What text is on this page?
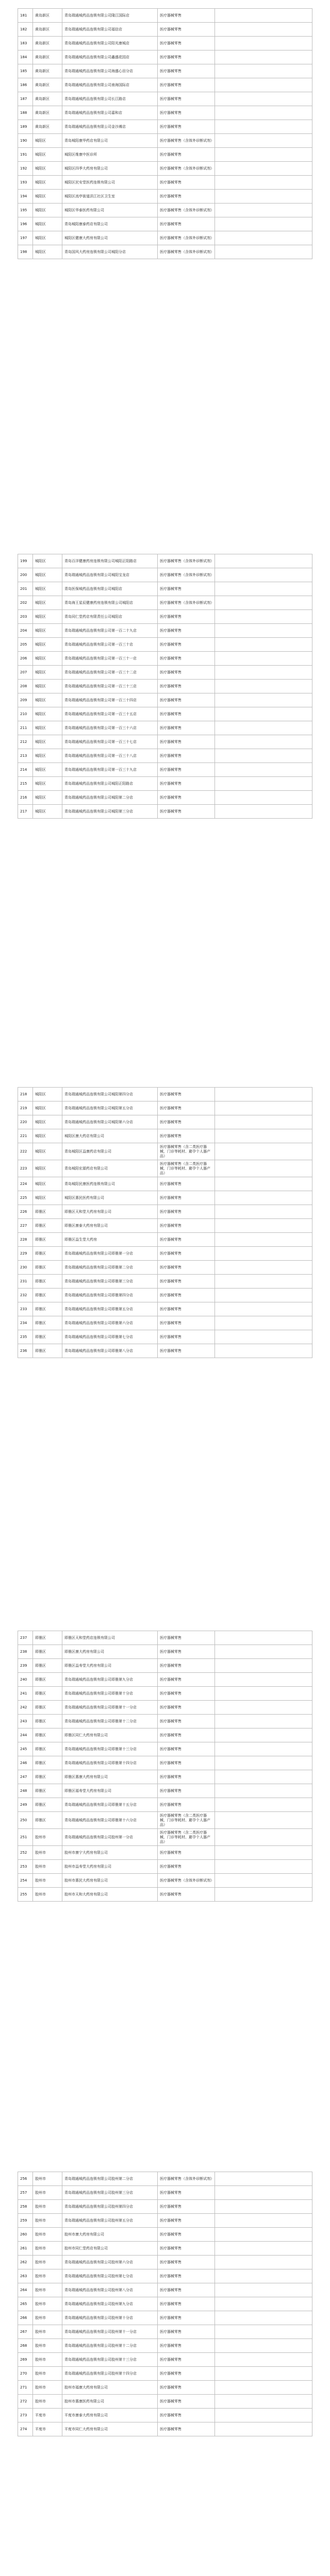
181	黄岛新区	青岛瑞通城药品连锁有限公司隆江国际店	医疗器械零售	
182	黄岛新区	青岛瑞通城药品连锁有限公司福信店	医疗器械零售	
183	黄岛新区	青岛瑞通城药品连锁有限公司阳光康城店	医疗器械零售	
184	黄岛新区	青岛瑞通城药品连锁有限公司鑫盛花园店	医疗器械零售	
185	黄岛新区	青岛瑞通城药品连锁有限公司海盛心田分店	医疗器械零售	
186	黄岛新区	青岛瑞通城药品连锁有限公司南海国际店	医疗器械零售	
187	黄岛新区	青岛瑞通城药品连锁有限公司长江路店	医疗器械零售	
188	黄岛新区	青岛瑞通城药品连锁有限公司嘉和店	医疗器械零售	
189	黄岛新区	青岛瑞通城药品连锁有限公司金沙滩店	医疗器械零售	
190	城阳区	青岛城阳康华药店有限公司	医疗器械零售（含体外诊断试剂）	
191	城阳区	城阳区维康中医诊所	医疗器械零售	
192	城阳区	城阳区四季大药房有限公司	医疗器械零售（含体外诊断试剂）	
193	城阳区	城阳区民安堂医药连锁有限公司	医疗器械零售	
194	城阳区	城阳区流亭街道洪江社区卫生室	医疗器械零售	
195	城阳区	城阳区华泰医药有限公司	医疗器械零售（含体外诊断试剂）	
196	城阳区	青岛城阳康泰药店有限公司	医疗器械零售	
197	城阳区	城阳区健康大药房有限公司	医疗器械零售（含体外诊断试剂）	
198	城阳区	青岛国风大药房连锁有限公司城阳分店	医疗器械零售（含体外诊断试剂）	
199	城阳区	青岛百洋健康药房连锁有限公司城阳正阳路店	医疗器械零售（含体外诊断试剂）	
200	城阳区	青岛瑞通城药品连锁有限公司城阳宝龙店	医疗器械零售（含体外诊断试剂）	
201	城阳区	青岛医保城药品连锁有限公司城阳店	医疗器械零售	
202	城阳区	青岛海王星辰健康药房连锁有限公司城阳店	医疗器械零售（含体外诊断试剂）	
203	城阳区	青岛同仁堂药店有限责任公司城阳店	医疗器械零售	
204	城阳区	青岛瑞通城药品连锁有限公司第一百二十九店	医疗器械零售	
205	城阳区	青岛瑞通城药品连锁有限公司第一百三十店	医疗器械零售	
206	城阳区	青岛瑞通城药品连锁有限公司第一百三十一店	医疗器械零售	
207	城阳区	青岛瑞通城药品连锁有限公司第一百三十二店	医疗器械零售	
208	城阳区	青岛瑞通城药品连锁有限公司第一百三十三店	医疗器械零售	
209	城阳区	青岛瑞通城药品连锁有限公司第一百三十四店	医疗器械零售	
210	城阳区	青岛瑞通城药品连锁有限公司第一百三十五店	医疗器械零售	
211	城阳区	青岛瑞通城药品连锁有限公司第一百三十六店	医疗器械零售	
212	城阳区	青岛瑞通城药品连锁有限公司第一百三十七店	医疗器械零售	
213	城阳区	青岛瑞通城药品连锁有限公司第一百三十八店	医疗器械零售	
214	城阳区	青岛瑞通城药品连锁有限公司第一百三十九店	医疗器械零售	
215	城阳区	青岛瑞通城药品连锁有限公司城阳正阳路店	医疗器械零售	
216	城阳区	青岛瑞通城药品连锁有限公司城阳第二分店	医疗器械零售	
217	城阳区	青岛瑞通城药品连锁有限公司城阳第三分店	医疗器械零售	
218	城阳区	青岛瑞通城药品连锁有限公司城阳第四分店	医疗器械零售	
219	城阳区	青岛瑞通城药品连锁有限公司城阳第五分店	医疗器械零售	
220	城阳区	青岛瑞通城药品连锁有限公司城阳第六分店	医疗器械零售	
221	城阳区	城阳区康大药店有限公司	医疗器械零售	
222	城阳区	青岛城阳区益康药店有限公司	医疗器械零售（含二类医疗器械，门诊等耗材、避孕个人器产品）	
223	城阳区	青岛城阳宏源药店有限公司	医疗器械零售（含二类医疗器械，门诊等耗材、避孕个人器产品）	
224	城阳区	青岛城阳民康医药连锁有限公司	医疗器械零售	
225	城阳区	城阳区惠民医药有限公司	医疗器械零售	
226	即墨区	即墨区天和堂大药房有限公司	医疗器械零售	
227	即墨区	即墨区康泰大药房有限公司	医疗器械零售	
228	即墨区	即墨区益生堂大药房	医疗器械零售	
229	即墨区	青岛瑞通城药品连锁有限公司即墨第一分店	医疗器械零售	
230	即墨区	青岛瑞通城药品连锁有限公司即墨第二分店	医疗器械零售	
231	即墨区	青岛瑞通城药品连锁有限公司即墨第三分店	医疗器械零售	
232	即墨区	青岛瑞通城药品连锁有限公司即墨第四分店	医疗器械零售	
233	即墨区	青岛瑞通城药品连锁有限公司即墨第五分店	医疗器械零售	
234	即墨区	青岛瑞通城药品连锁有限公司即墨第六分店	医疗器械零售	
235	即墨区	青岛瑞通城药品连锁有限公司即墨第七分店	医疗器械零售	
236	即墨区	青岛瑞通城药品连锁有限公司即墨第八分店	医疗器械零售	
237	即墨区	即墨区天和堂药店连锁有限公司	医疗器械零售	
238	即墨区	即墨区康大药房有限公司	医疗器械零售	
239	即墨区	即墨区益寿堂大药房有限公司	医疗器械零售	
240	即墨区	青岛瑞通城药品连锁有限公司即墨第九分店	医疗器械零售	
241	即墨区	青岛瑞通城药品连锁有限公司即墨第十分店	医疗器械零售	
242	即墨区	青岛瑞通城药品连锁有限公司即墨第十一分店	医疗器械零售	
243	即墨区	青岛瑞通城药品连锁有限公司即墨第十二分店	医疗器械零售	
244	即墨区	即墨区同仁大药房有限公司	医疗器械零售	
245	即墨区	青岛瑞通城药品连锁有限公司即墨第十三分店	医疗器械零售	
246	即墨区	青岛瑞通城药品连锁有限公司即墨第十四分店	医疗器械零售	
247	即墨区	即墨区惠康大药房有限公司	医疗器械零售	
248	即墨区	即墨区福寿堂大药房有限公司	医疗器械零售	
249	即墨区	青岛瑞通城药品连锁有限公司即墨第十五分店	医疗器械零售	
250	即墨区	青岛瑞通城药品连锁有限公司即墨第十六分店	医疗器械零售（含二类医疗器械，门诊等耗材、避孕个人器产品）	
251	胶州市	青岛瑞通城药品连锁有限公司胶州第一分店	医疗器械零售（含二类医疗器械，门诊等耗材、避孕个人器产品）	
252	胶州市	胶州市康宁大药房有限公司	医疗器械零售	
253	胶州市	胶州市益寿堂大药房有限公司	医疗器械零售	
254	胶州市	胶州市惠民大药房有限公司	医疗器械零售（含体外诊断试剂）	
255	胶州市	胶州市天和大药房有限公司	医疗器械零售	
256	胶州市	青岛瑞通城药品连锁有限公司胶州第二分店	医疗器械零售（含体外诊断试剂）	
257	胶州市	青岛瑞通城药品连锁有限公司胶州第三分店	医疗器械零售	
258	胶州市	青岛瑞通城药品连锁有限公司胶州第四分店	医疗器械零售	
259	胶州市	青岛瑞通城药品连锁有限公司胶州第五分店	医疗器械零售	
260	胶州市	胶州市康大药房有限公司	医疗器械零售	
261	胶州市	胶州市同仁堂药店有限公司	医疗器械零售	
262	胶州市	青岛瑞通城药品连锁有限公司胶州第六分店	医疗器械零售	
263	胶州市	青岛瑞通城药品连锁有限公司胶州第七分店	医疗器械零售	
264	胶州市	青岛瑞通城药品连锁有限公司胶州第八分店	医疗器械零售	
265	胶州市	青岛瑞通城药品连锁有限公司胶州第九分店	医疗器械零售	
266	胶州市	青岛瑞通城药品连锁有限公司胶州第十分店	医疗器械零售	
267	胶州市	青岛瑞通城药品连锁有限公司胶州第十一分店	医疗器械零售	
268	胶州市	青岛瑞通城药品连锁有限公司胶州第十二分店	医疗器械零售	
269	胶州市	青岛瑞通城药品连锁有限公司胶州第十三分店	医疗器械零售	
270	胶州市	青岛瑞通城药品连锁有限公司胶州第十四分店	医疗器械零售	
271	胶州市	胶州市福康大药房有限公司	医疗器械零售	
272	胶州市	胶州市惠康医药有限公司	医疗器械零售	
273	平度市	平度市康泰大药房有限公司	医疗器械零售	
274	平度市	平度市同仁大药房有限公司	医疗器械零售	
